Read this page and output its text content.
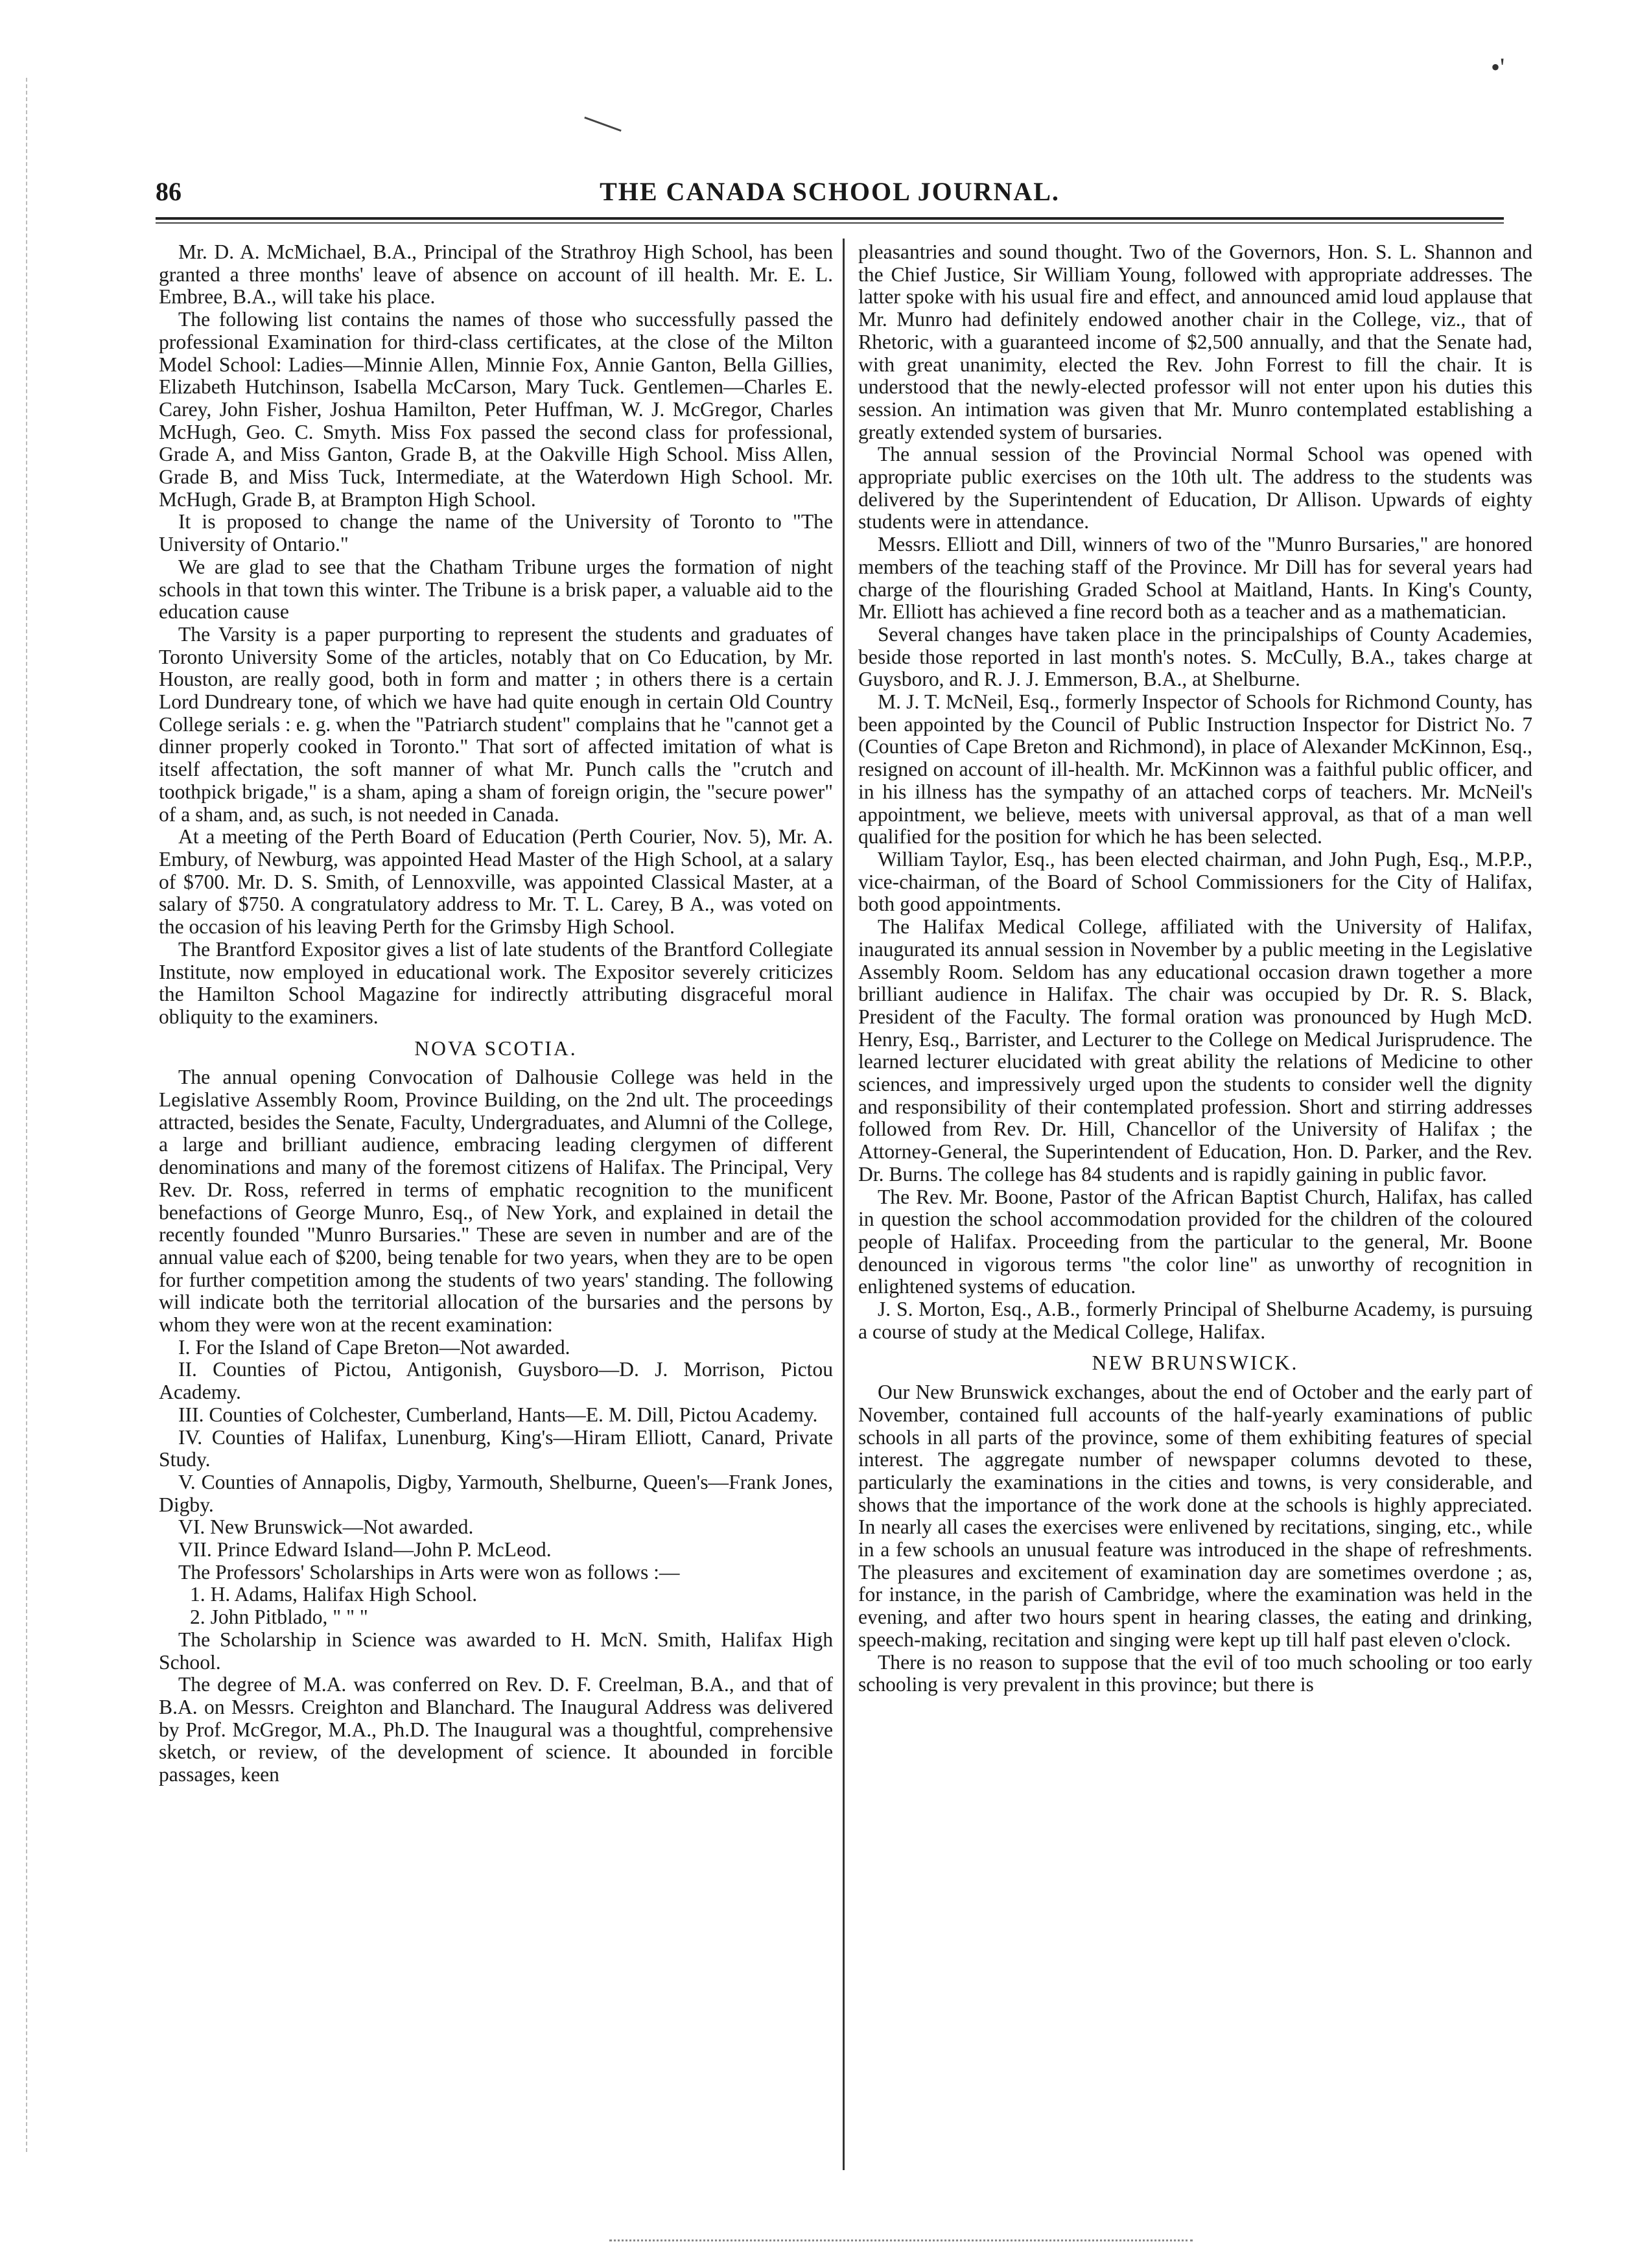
•'
THE CANADA SCHOOL JOURNAL.
86

Mr. D. A. McMichael, B.A., Principal of the Strathroy High School, has been granted a three months' leave of absence on account of ill health. Mr. E. L. Embree, B.A., will take his place.

The following list contains the names of those who successfully passed the professional Examination for third-class certificates, at the close of the Milton Model School: Ladies—Minnie Allen, Minnie Fox, Annie Ganton, Bella Gillies, Elizabeth Hutchinson, Isabella McCarson, Mary Tuck. Gentlemen—Charles E. Carey, John Fisher, Joshua Hamilton, Peter Huffman, W. J. McGregor, Charles McHugh, Geo. C. Smyth. Miss Fox passed the second class for professional, Grade A, and Miss Ganton, Grade B, at the Oakville High School. Miss Allen, Grade B, and Miss Tuck, Intermediate, at the Waterdown High School. Mr. McHugh, Grade B, at Brampton High School.

It is proposed to change the name of the University of Toronto to "The University of Ontario."

We are glad to see that the Chatham Tribune urges the formation of night schools in that town this winter. The Tribune is a brisk paper, a valuable aid to the education cause

The Varsity is a paper purporting to represent the students and graduates of Toronto University Some of the articles, notably that on Co Education, by Mr. Houston, are really good, both in form and matter ; in others there is a certain Lord Dundreary tone, of which we have had quite enough in certain Old Country College serials : e. g. when the "Patriarch student" complains that he "cannot get a dinner properly cooked in Toronto." That sort of affected imitation of what is itself affectation, the soft manner of what Mr. Punch calls the "crutch and toothpick brigade," is a sham, aping a sham of foreign origin, the "secure power" of a sham, and, as such, is not needed in Canada.

At a meeting of the Perth Board of Education (Perth Courier, Nov. 5), Mr. A. Embury, of Newburg, was appointed Head Master of the High School, at a salary of $700. Mr. D. S. Smith, of Lennoxville, was appointed Classical Master, at a salary of $750. A congratulatory address to Mr. T. L. Carey, B A., was voted on the occasion of his leaving Perth for the Grimsby High School.

The Brantford Expositor gives a list of late students of the Brantford Collegiate Institute, now employed in educational work. The Expositor severely criticizes the Hamilton School Magazine for indirectly attributing disgraceful moral obliquity to the examiners.

NOVA SCOTIA.

The annual opening Convocation of Dalhousie College was held in the Legislative Assembly Room, Province Building, on the 2nd ult. The proceedings attracted, besides the Senate, Faculty, Undergraduates, and Alumni of the College, a large and brilliant audience, embracing leading clergymen of different denominations and many of the foremost citizens of Halifax. The Principal, Very Rev. Dr. Ross, referred in terms of emphatic recognition to the munificent benefactions of George Munro, Esq., of New York, and explained in detail the recently founded "Munro Bursaries." These are seven in number and are of the annual value each of $200, being tenable for two years, when they are to be open for further competition among the students of two years' standing. The following will indicate both the territorial allocation of the bursaries and the persons by whom they were won at the recent examination:

I. For the Island of Cape Breton—Not awarded.

II. Counties of Pictou, Antigonish, Guysboro—D. J. Morrison, Pictou Academy.

III. Counties of Colchester, Cumberland, Hants—E. M. Dill, Pictou Academy.

IV. Counties of Halifax, Lunenburg, King's—Hiram Elliott, Canard, Private Study.

V. Counties of Annapolis, Digby, Yarmouth, Shelburne, Queen's—Frank Jones, Digby.

VI. New Brunswick—Not awarded.

VII. Prince Edward Island—John P. McLeod.

The Professors' Scholarships in Arts were won as follows :—

1. H. Adams, Halifax High School.

2. John Pitblado, " " "

The Scholarship in Science was awarded to H. McN. Smith, Halifax High School.

The degree of M.A. was conferred on Rev. D. F. Creelman, B.A., and that of B.A. on Messrs. Creighton and Blanchard. The Inaugural Address was delivered by Prof. McGregor, M.A., Ph.D. The Inaugural was a thoughtful, comprehensive sketch, or review, of the development of science. It abounded in forcible passages, keen

pleasantries and sound thought. Two of the Governors, Hon. S. L. Shannon and the Chief Justice, Sir William Young, followed with appropriate addresses. The latter spoke with his usual fire and effect, and announced amid loud applause that Mr. Munro had definitely endowed another chair in the College, viz., that of Rhetoric, with a guaranteed income of $2,500 annually, and that the Senate had, with great unanimity, elected the Rev. John Forrest to fill the chair. It is understood that the newly-elected professor will not enter upon his duties this session. An intimation was given that Mr. Munro contemplated establishing a greatly extended system of bursaries.

The annual session of the Provincial Normal School was opened with appropriate public exercises on the 10th ult. The address to the students was delivered by the Superintendent of Education, Dr Allison. Upwards of eighty students were in attendance.

Messrs. Elliott and Dill, winners of two of the "Munro Bursaries," are honored members of the teaching staff of the Province. Mr Dill has for several years had charge of the flourishing Graded School at Maitland, Hants. In King's County, Mr. Elliott has achieved a fine record both as a teacher and as a mathematician.

Several changes have taken place in the principalships of County Academies, beside those reported in last month's notes. S. McCully, B.A., takes charge at Guysboro, and R. J. J. Emmerson, B.A., at Shelburne.

M. J. T. McNeil, Esq., formerly Inspector of Schools for Richmond County, has been appointed by the Council of Public Instruction Inspector for District No. 7 (Counties of Cape Breton and Richmond), in place of Alexander McKinnon, Esq., resigned on account of ill-health. Mr. McKinnon was a faithful public officer, and in his illness has the sympathy of an attached corps of teachers. Mr. McNeil's appointment, we believe, meets with universal approval, as that of a man well qualified for the position for which he has been selected.

William Taylor, Esq., has been elected chairman, and John Pugh, Esq., M.P.P., vice-chairman, of the Board of School Commissioners for the City of Halifax, both good appointments.

The Halifax Medical College, affiliated with the University of Halifax, inaugurated its annual session in November by a public meeting in the Legislative Assembly Room. Seldom has any educational occasion drawn together a more brilliant audience in Halifax. The chair was occupied by Dr. R. S. Black, President of the Faculty. The formal oration was pronounced by Hugh McD. Henry, Esq., Barrister, and Lecturer to the College on Medical Jurisprudence. The learned lecturer elucidated with great ability the relations of Medicine to other sciences, and impressively urged upon the students to consider well the dignity and responsibility of their contemplated profession. Short and stirring addresses followed from Rev. Dr. Hill, Chancellor of the University of Halifax ; the Attorney-General, the Superintendent of Education, Hon. D. Parker, and the Rev. Dr. Burns. The college has 84 students and is rapidly gaining in public favor.

The Rev. Mr. Boone, Pastor of the African Baptist Church, Halifax, has called in question the school accommodation provided for the children of the coloured people of Halifax. Proceeding from the particular to the general, Mr. Boone denounced in vigorous terms "the color line" as unworthy of recognition in enlightened systems of education.

J. S. Morton, Esq., A.B., formerly Principal of Shelburne Academy, is pursuing a course of study at the Medical College, Halifax.

NEW BRUNSWICK.

Our New Brunswick exchanges, about the end of October and the early part of November, contained full accounts of the half-yearly examinations of public schools in all parts of the province, some of them exhibiting features of special interest. The aggregate number of newspaper columns devoted to these, particularly the examinations in the cities and towns, is very considerable, and shows that the importance of the work done at the schools is highly appreciated. In nearly all cases the exercises were enlivened by recitations, singing, etc., while in a few schools an unusual feature was introduced in the shape of refreshments. The pleasures and excitement of examination day are sometimes overdone ; as, for instance, in the parish of Cambridge, where the examination was held in the evening, and after two hours spent in hearing classes, the eating and drinking, speech-making, recitation and singing were kept up till half past eleven o'clock.

There is no reason to suppose that the evil of too much schooling or too early schooling is very prevalent in this province; but there is
